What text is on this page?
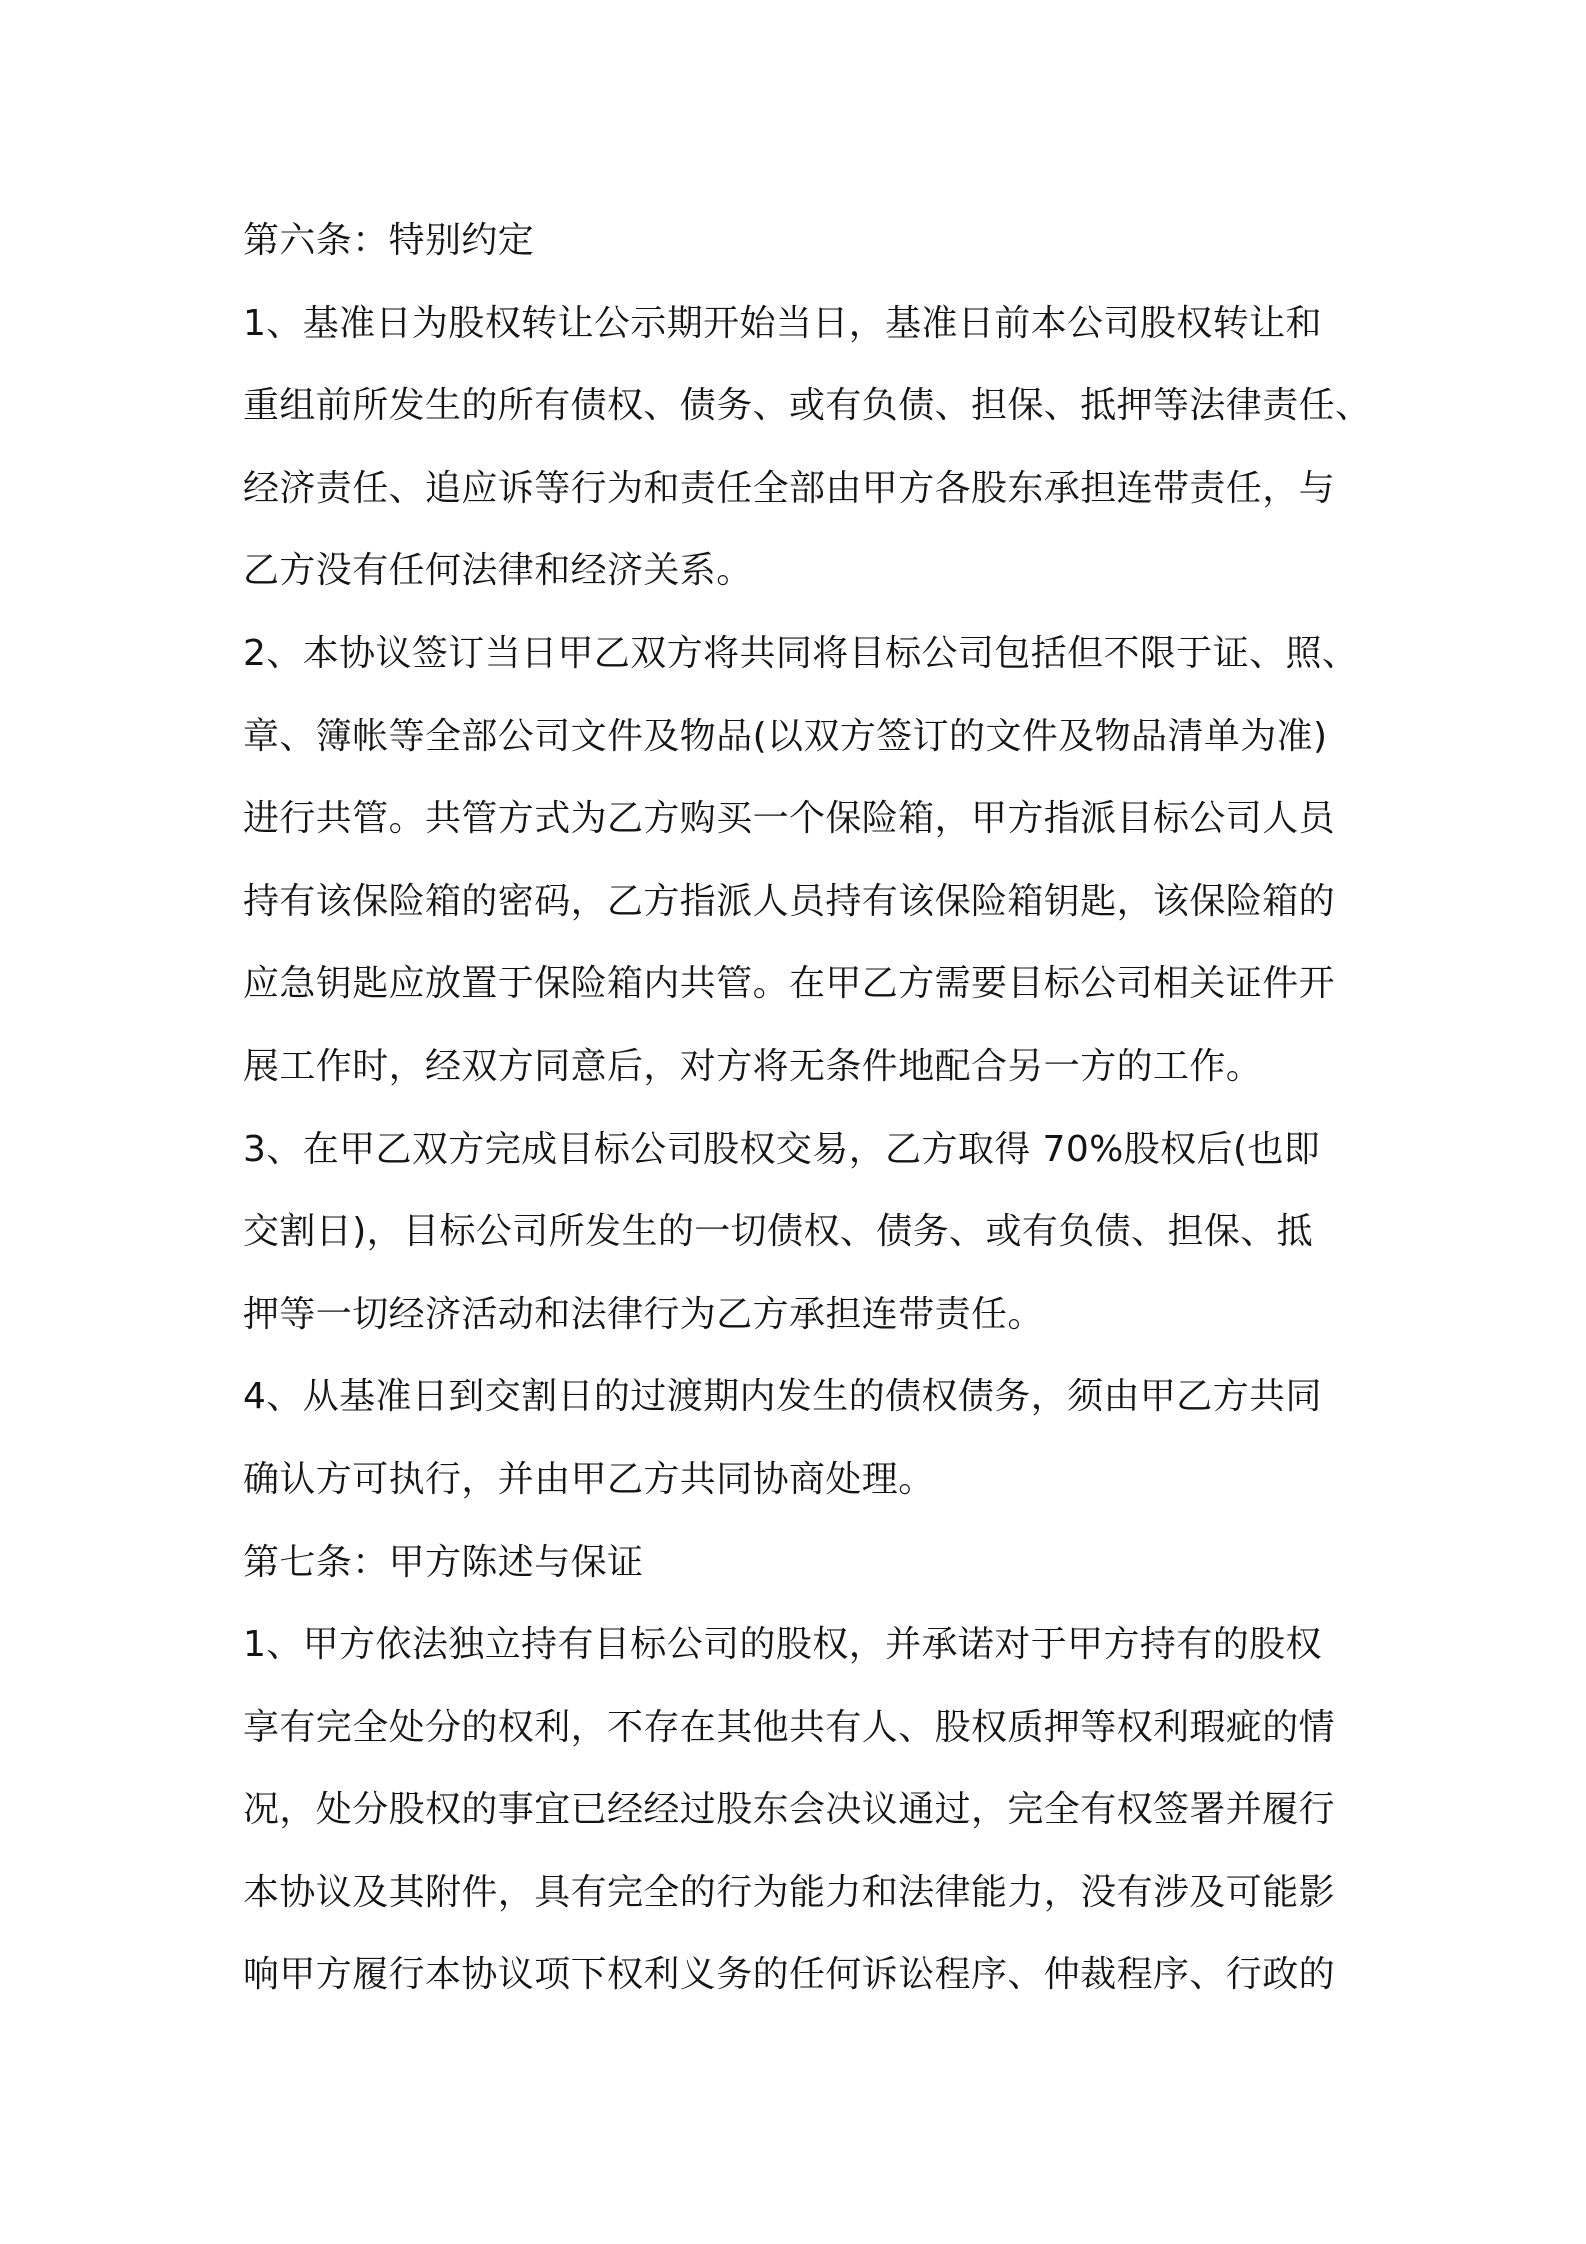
第六条：特别约定
1、基准日为股权转让公示期开始当日，基准日前本公司股权转让和
重组前所发生的所有债权、债务、或有负债、担保、抵押等法律责任、
经济责任、追应诉等行为和责任全部由甲方各股东承担连带责任，与
乙方没有任何法律和经济关系。
2、本协议签订当日甲乙双方将共同将目标公司包括但不限于证、照、
章、簿帐等全部公司文件及物品(以双方签订的文件及物品清单为准)
进行共管。共管方式为乙方购买一个保险箱，甲方指派目标公司人员
持有该保险箱的密码，乙方指派人员持有该保险箱钥匙，该保险箱的
应急钥匙应放置于保险箱内共管。在甲乙方需要目标公司相关证件开
展工作时，经双方同意后，对方将无条件地配合另一方的工作。
3、在甲乙双方完成目标公司股权交易，乙方取得 70%股权后(也即
交割日)，目标公司所发生的一切债权、债务、或有负债、担保、抵
押等一切经济活动和法律行为乙方承担连带责任。
4、从基准日到交割日的过渡期内发生的债权债务，须由甲乙方共同
确认方可执行，并由甲乙方共同协商处理。
第七条：甲方陈述与保证
1、甲方依法独立持有目标公司的股权，并承诺对于甲方持有的股权
享有完全处分的权利，不存在其他共有人、股权质押等权利瑕疵的情
况，处分股权的事宜已经经过股东会决议通过，完全有权签署并履行
本协议及其附件，具有完全的行为能力和法律能力，没有涉及可能影
响甲方履行本协议项下权利义务的任何诉讼程序、仲裁程序、行政的
